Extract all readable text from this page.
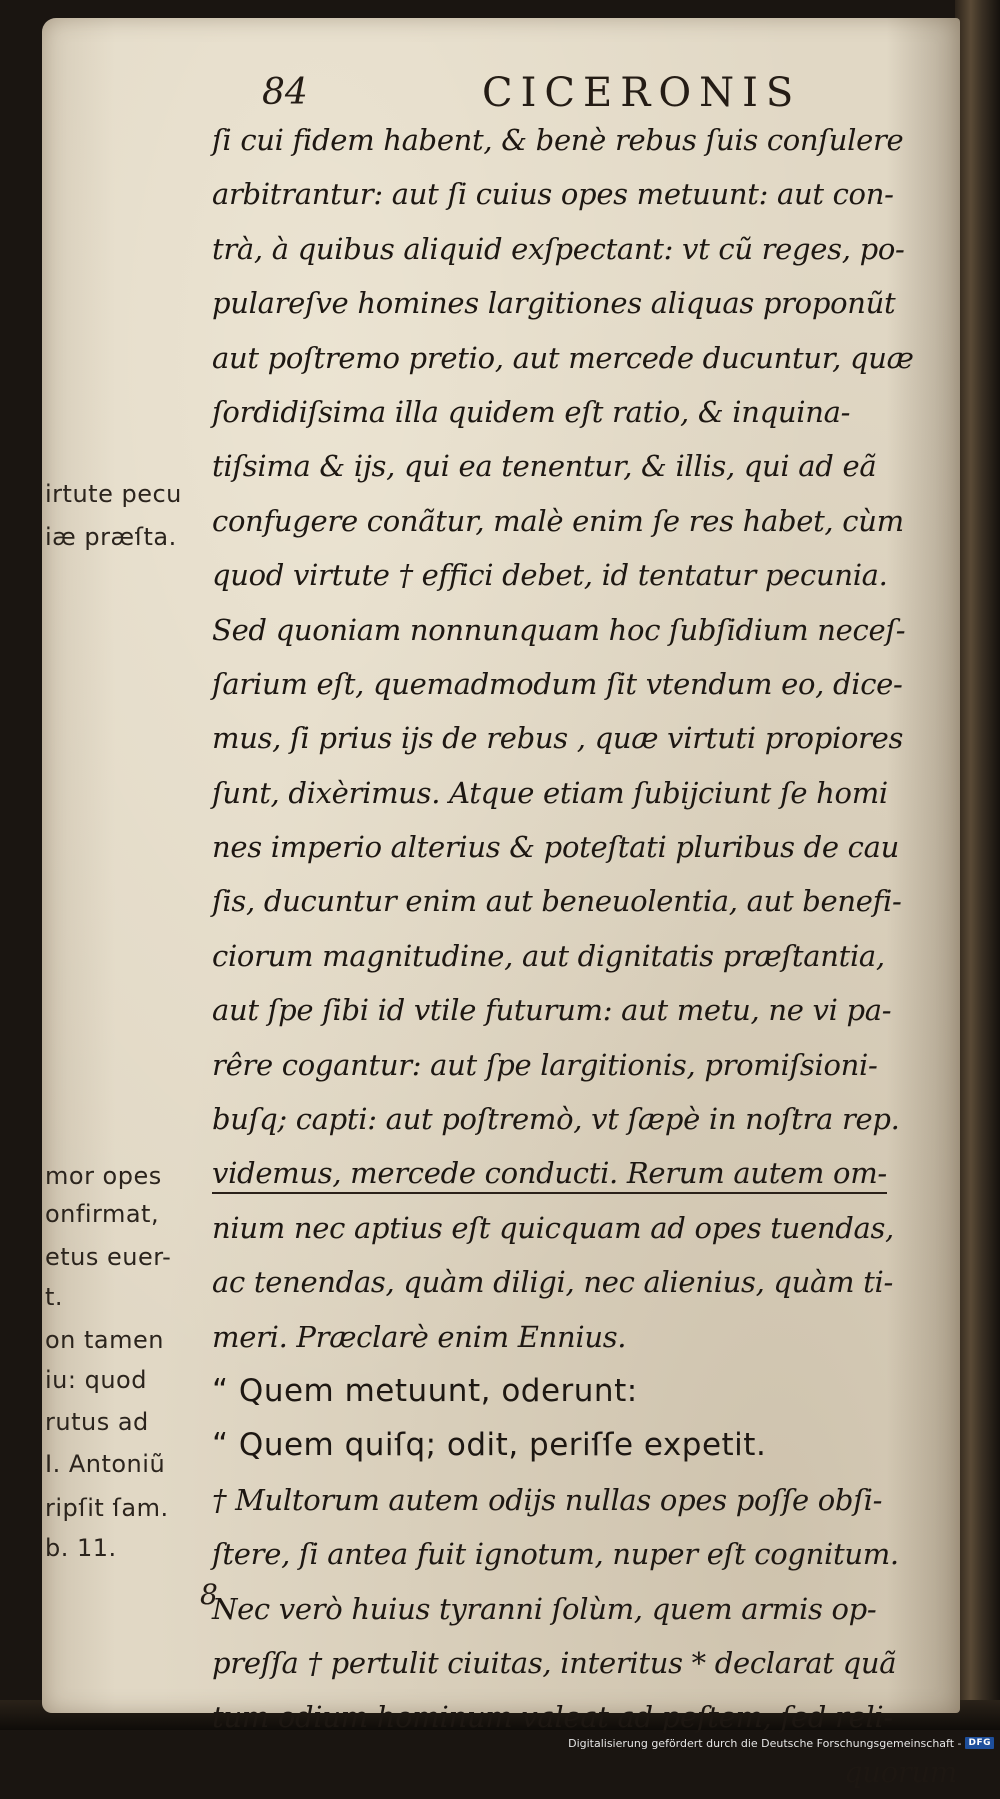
84	CICERONIS
irtute pecu
iæ præſta.
mor opes
onfirmat,
etus euer-
t.
on tamen
iu: quod
rutus ad
I. Antoniũ
ripſit ſam.
b. 11.
8
ſi cui fidem habent, & benè rebus ſuis conſulere
arbitrantur: aut ſi cuius opes metuunt: aut con-
trà, à quibus aliquid exſpectant: vt cũ reges, po-
pulareſve homines largitiones aliquas proponũt
aut poſtremo pretio, aut mercede ducuntur, quæ
ſordidiſsima illa quidem eſt ratio, & inquina-
tiſsima & ijs, qui ea tenentur, & illis, qui ad eã
confugere conãtur, malè enim ſe res habet, cùm
quod virtute † effici debet, id tentatur pecunia.
Sed quoniam nonnunquam hoc ſubſidium neceſ-
ſarium eſt, quemadmodum ſit vtendum eo, dice-
mus, ſi prius ijs de rebus , quæ virtuti propiores
ſunt, dixèrimus. Atque etiam ſubijciunt ſe homi
nes imperio alterius & poteſtati pluribus de cau
ſis, ducuntur enim aut beneuolentia, aut benefi-
ciorum magnitudine, aut dignitatis præſtantia,
aut ſpe ſibi id vtile futurum: aut metu, ne vi pa-
rêre cogantur: aut ſpe largitionis, promiſsioni-
buſq; capti: aut poſtremò, vt ſæpè in noſtra rep.
videmus, mercede conducti. Rerum autem om-
nium nec aptius eſt quicquam ad opes tuendas,
ac tenendas, quàm diligi, nec alienius, quàm ti-
meri. Præclarè enim Ennius.
“ Quem metuunt, oderunt:
“ Quem quiſq; odit, periſſe expetit.
† Multorum autem odijs nullas opes poſſe obſi-
ſtere, ſi antea fuit ignotum, nuper eſt cognitum.
Nec verò huius tyranni ſolùm, quem armis op-
preſſa † pertulit ciuitas, interitus * declarat quã
tum odium hominum valeat ad peſtem, ſed reli-
quorum
Digitalisierung gefördert durch die Deutsche Forschungsgemeinschaft - DFG
